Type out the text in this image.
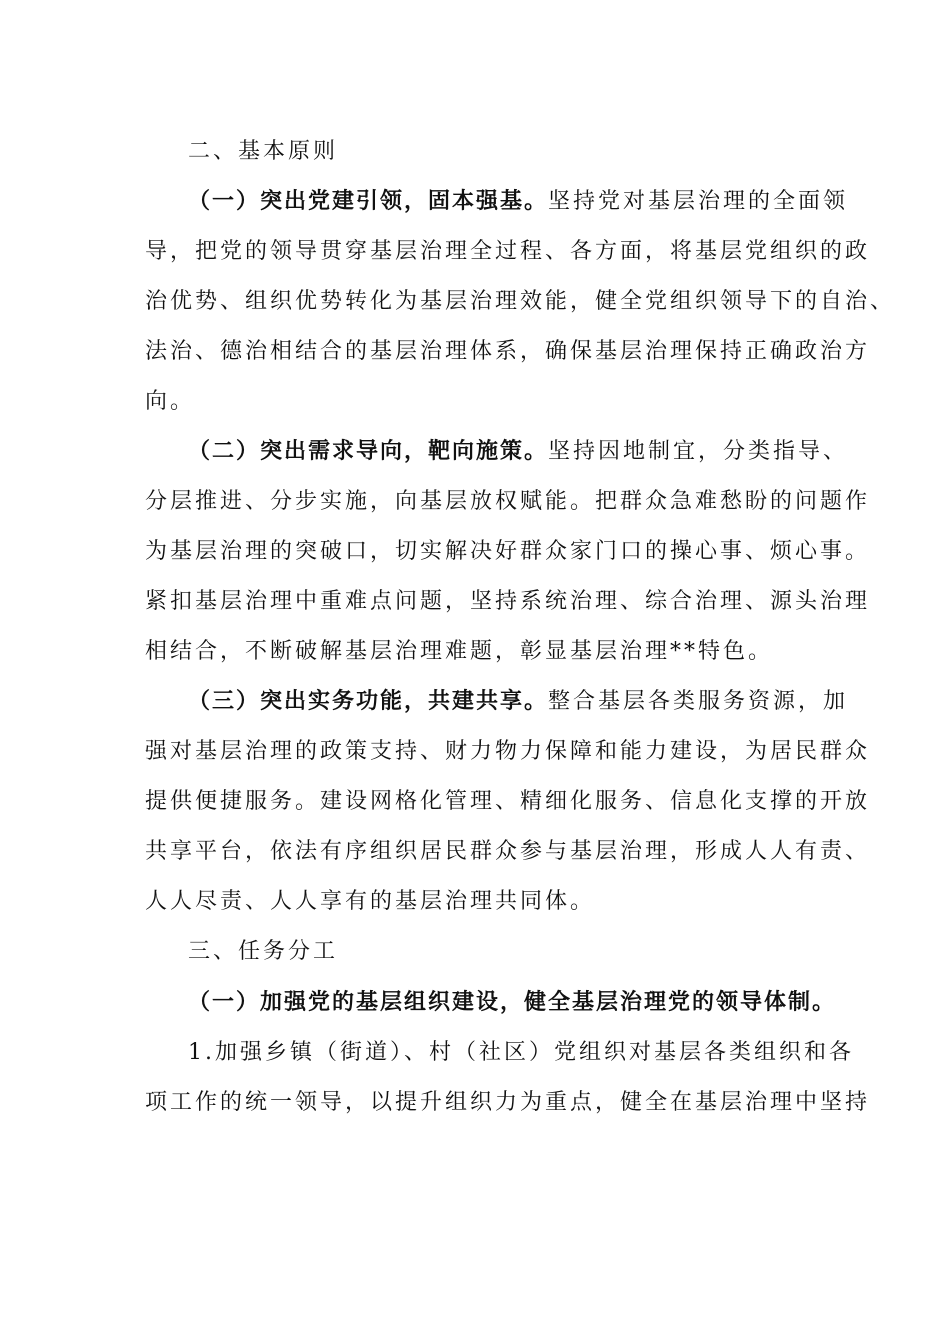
二、基本原则
（一）突出党建引领，固本强基。坚持党对基层治理的全面领
导，把党的领导贯穿基层治理全过程、各方面，将基层党组织的政
治优势、组织优势转化为基层治理效能，健全党组织领导下的自治、
法治、德治相结合的基层治理体系，确保基层治理保持正确政治方
向。
（二）突出需求导向，靶向施策。坚持因地制宜，分类指导、
分层推进、分步实施，向基层放权赋能。把群众急难愁盼的问题作
为基层治理的突破口，切实解决好群众家门口的操心事、烦心事。
紧扣基层治理中重难点问题，坚持系统治理、综合治理、源头治理
相结合，不断破解基层治理难题，彰显基层治理**特色。
（三）突出实务功能，共建共享。整合基层各类服务资源，加
强对基层治理的政策支持、财力物力保障和能力建设，为居民群众
提供便捷服务。建设网格化管理、精细化服务、信息化支撑的开放
共享平台，依法有序组织居民群众参与基层治理，形成人人有责、
人人尽责、人人享有的基层治理共同体。
三、任务分工
（一）加强党的基层组织建设，健全基层治理党的领导体制。
1.加强乡镇（街道）、村（社区）党组织对基层各类组织和各
项工作的统一领导，以提升组织力为重点，健全在基层治理中坚持
